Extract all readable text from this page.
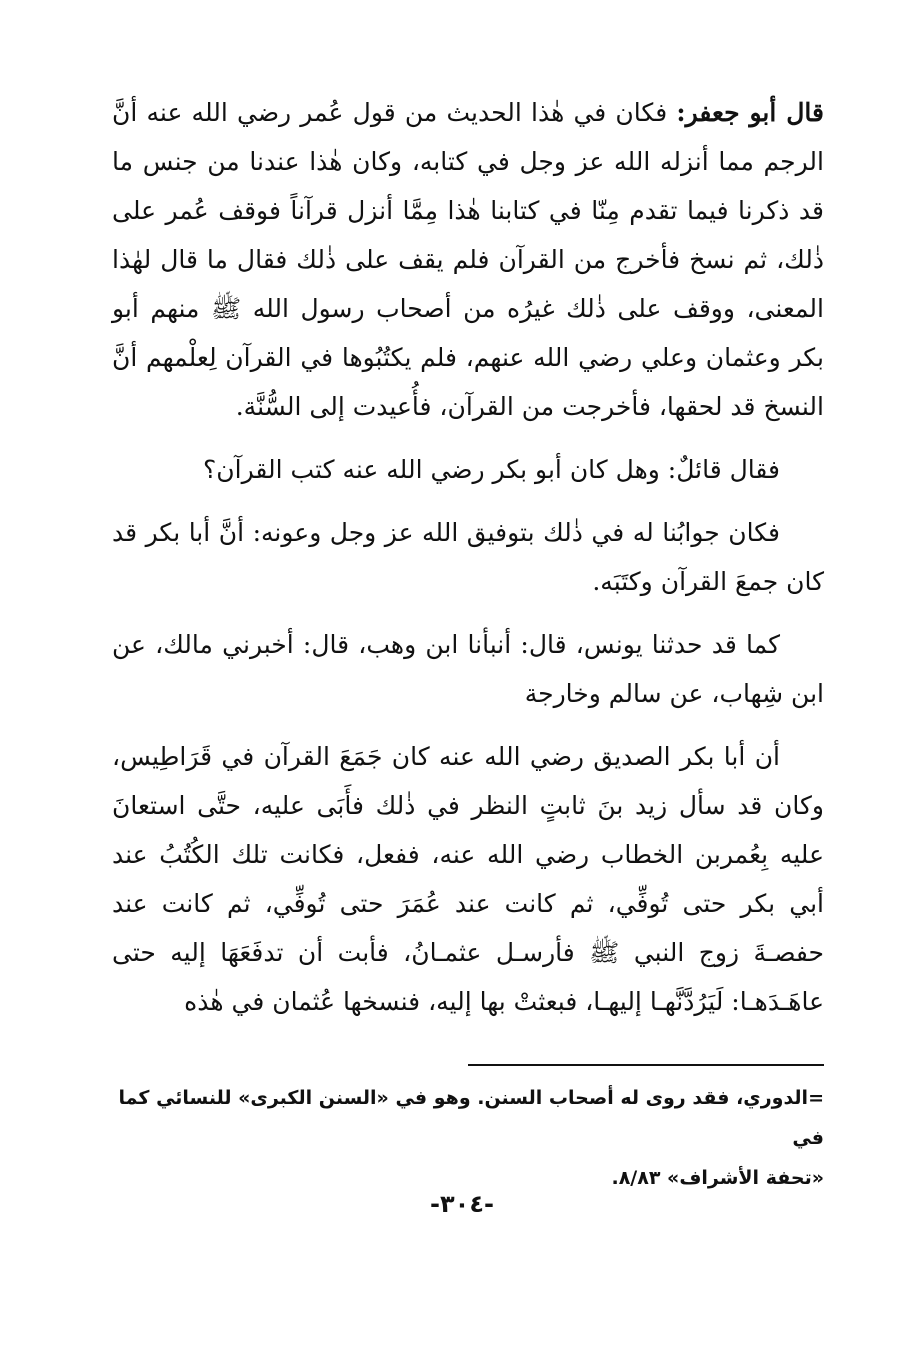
قال أبو جعفر: فكان في هٰذا الحديث من قول عُمر رضي الله عنه أنَّ الرجم مما أنزله الله عز وجل في كتابه، وكان هٰذا عندنا من جنس ما قد ذكرنا فيما تقدم مِنّا في كتابنا هٰذا مِمَّا أنزل قرآناً فوقف عُمر على ذٰلك، ثم نسخ فأخرج من القرآن فلم يقف على ذٰلك فقال ما قال لهٰذا المعنى، ووقف على ذٰلك غيرُه من أصحاب رسول الله ﷺ منهم أبو بكر وعثمان وعلي رضي الله عنهم، فلم يكتُبُوها في القرآن لِعلْمهم أنَّ النسخ قد لحقها، فأخرجت من القرآن، فأُعيدت إلى السُّنَّة.

فقال قائلٌ: وهل كان أبو بكر رضي الله عنه كتب القرآن؟

فكان جوابُنا له في ذٰلك بتوفيق الله عز وجل وعونه: أنَّ أبا بكر قد كان جمعَ القرآن وكتَبَه.

كما قد حدثنا يونس، قال: أنبأنا ابن وهب، قال: أخبرني مالك، عن ابن شِهاب، عن سالم وخارجة

أن أبا بكر الصديق رضي الله عنه كان جَمَعَ القرآن في قَرَاطِيس، وكان قد سأل زيد بنَ ثابتٍ النظر في ذٰلك فأَبَى عليه، حتَّى استعانَ عليه بِعُمربن الخطاب رضي الله عنه، ففعل، فكانت تلك الكُتُبُ عند أبي بكر حتى تُوفِّي، ثم كانت عند عُمَرَ حتى تُوفِّي، ثم كانت عند حفصـةَ زوج النبي ﷺ فأرسـل عثمـانُ، فأبت أن تدفَعَهَا إليه حتى عاهَـدَهـا: لَيَرُدَّنَّهـا إليهـا، فبعثتْ بها إليه، فنسخها عُثمان في هٰذه

=الدوري، فقد روى له أصحاب السنن. وهو في «السنن الكبرى» للنسائي كما في

«تحفة الأشراف» ٨/٨٣.

-٣٠٤-
